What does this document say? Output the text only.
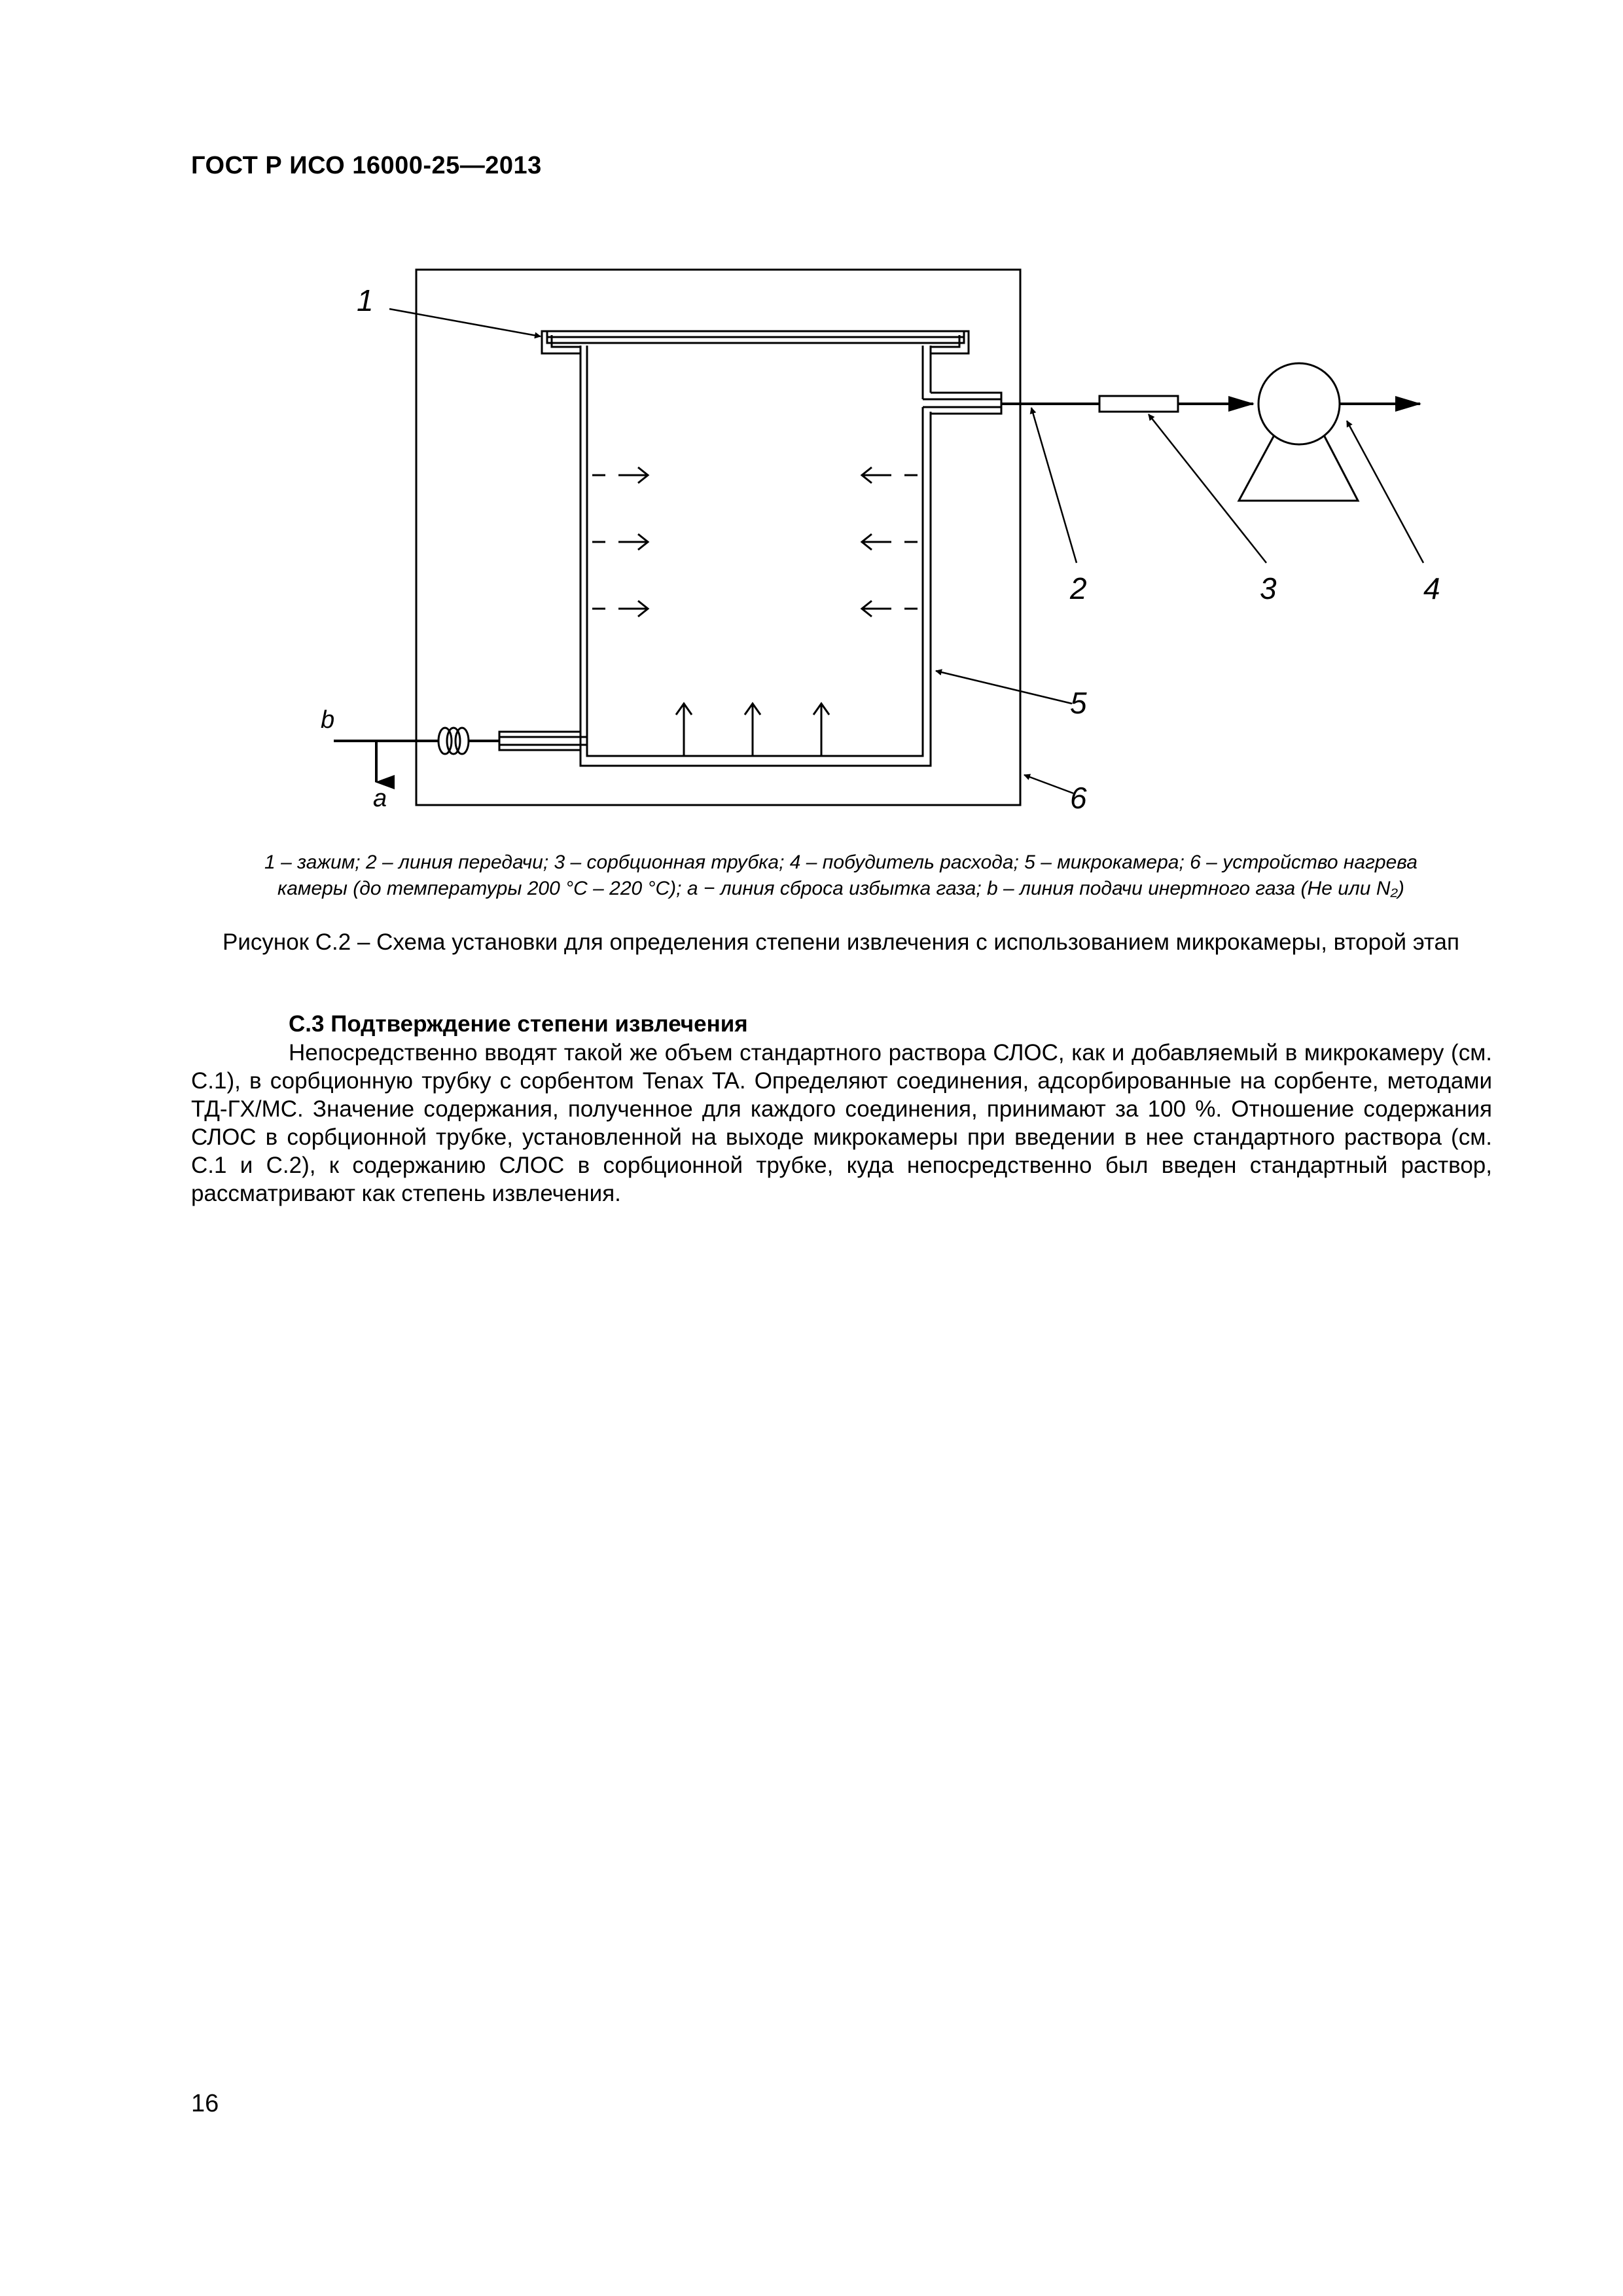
ГОСТ Р ИСО 16000-25—2013
1
2	3	4
5
6
b
a
1 – зажим; 2 – линия передачи; 3 – сорбционная трубка; 4 – побудитель расхода; 5 – микрокамера; 6 – устройство нагрева
камеры (до температуры 200 °С – 220 °С); a − линия сброса избытка газа; b – линия подачи инертного газа (Не или N₂)
Рисунок С.2 – Схема установки для определения степени извлечения с использованием микрокамеры, второй этап
С.3 Подтверждение степени извлечения

Непосредственно вводят такой же объем стандартного раствора СЛОС, как и добавляемый в микрокамеру (см. С.1), в сорбционную трубку с сорбентом Tenax TA. Определяют соединения, адсорбированные на сорбенте, методами ТД-ГХ/МС. Значение содержания, полученное для каждого соединения, принимают за 100 %. Отношение содержания СЛОС в сорбционной трубке, установленной на выходе микрокамеры при введении в нее стандартного раствора (см. С.1 и С.2), к содержанию СЛОС в сорбционной трубке, куда непосредственно был введен стандартный раствор, рассматривают как степень извлечения.

16
